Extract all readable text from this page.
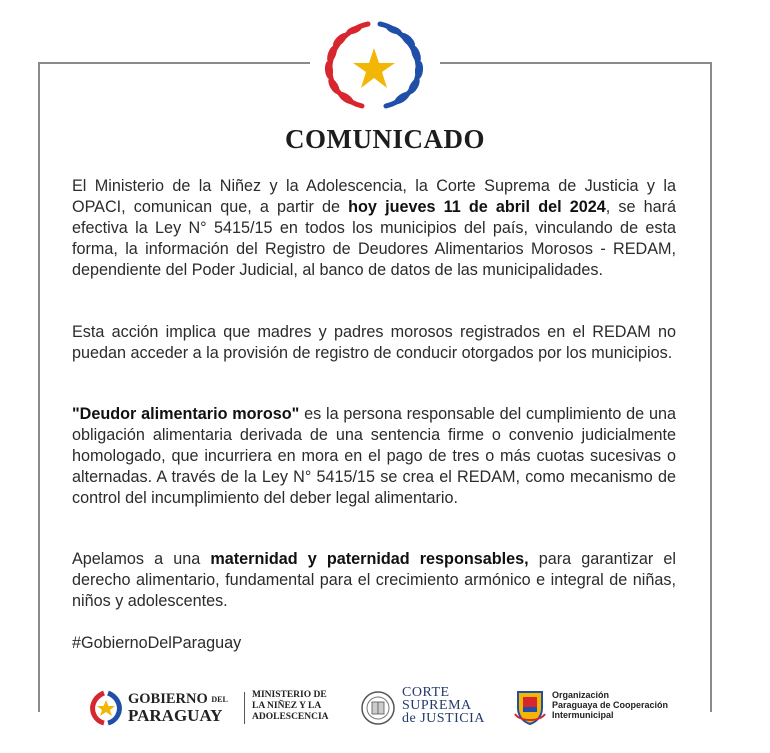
COMUNICADO

El Ministerio de la Niñez y la Adolescencia, la Corte Suprema de Justicia y la OPACI, comunican que, a partir de hoy jueves 11 de abril del 2024, se hará efectiva la Ley N° 5415/15 en todos los municipios del país, vinculando de esta forma, la información del Registro de Deudores Alimentarios Morosos - REDAM, dependiente del Poder Judicial, al banco de datos de las municipalidades.

Esta acción implica que madres y padres morosos registrados en el REDAM no puedan acceder a la provisión de registro de conducir otorgados por los municipios.

"Deudor alimentario moroso" es la persona responsable del cumplimiento de una obligación alimentaria derivada de una sentencia firme o convenio judicialmente homologado, que incurriera en mora en el pago de tres o más cuotas sucesivas o alternadas. A través de la Ley N° 5415/15 se crea el REDAM, como mecanismo de control del incumplimiento del deber legal alimentario.

Apelamos a una maternidad y paternidad responsables, para garantizar el derecho alimentario, fundamental para el crecimiento armónico e integral de niñas, niños y adolescentes.

#GobiernoDelParaguay
GOBIERNO DEL
PARAGUAY
MINISTERIO DE
LA NIÑEZ Y LA
ADOLESCENCIA
CORTE
SUPREMA
de JUSTICIA
Organización
Paraguaya de Cooperación
Intermunicipal
